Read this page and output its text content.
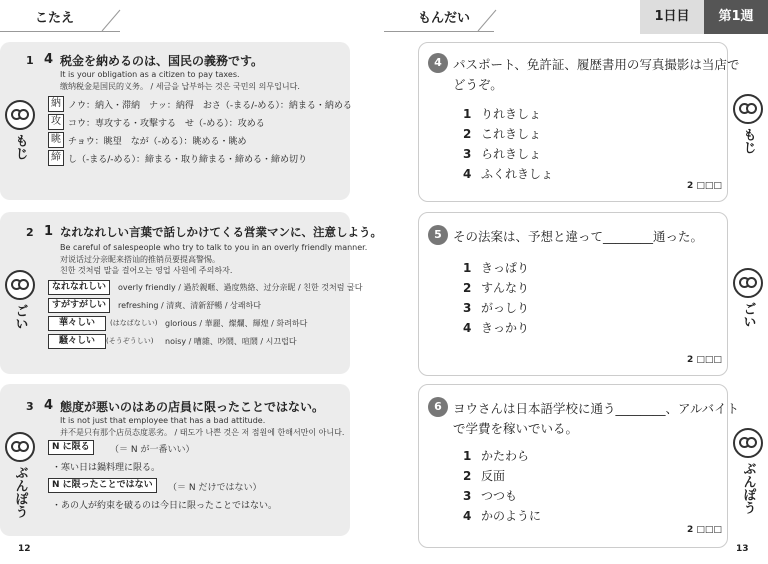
こたえ
1 4 税金を納めるのは、国民の義務です。
It is your obligation as a citizen to pay taxes.
缴纳税金是国民的义务。 / 세금을 납부하는 것은 국민의 의무입니다.
もじ
納 ノウ：納入・滞納　ナッ：納得　おさ（-まる/-める）：納まる・納める
攻 コウ：専攻する・攻撃する　せ（-める）：攻める
眺 チョウ：眺望　なが（-める）：眺める・眺め
締 し（-まる/-める）：締まる・取り締まる・締める・締め切り
2 1 なれなれしい言葉で話しかけてくる営業マンに、注意しよう。
Be careful of salespeople who try to talk to you in an overly friendly manner.
对说话过分亲昵来搭讪的推销员要提高警惕。
친한 것처럼 말을 걸어오는 영업 사원에 주의하자.
ごい
なれなれしい	overly friendly / 過於親暱、過度熟絡、过分亲昵 / 친한 것처럼 굴다
すがすがしい	refreshing / 清爽、清新舒暢 / 상쾌하다
華々しい	(はなばなしい) glorious / 華麗、燦爛、輝煌 / 화려하다
騒々しい	(そうぞうしい) noisy / 嘈雜、吵鬧、喧鬧 / 시끄럽다
3 4 態度が悪いのはあの店員に限ったことではない。
It is not just that employee that has a bad attitude.
并不是只有那个店员态度恶劣。 / 태도가 나쁜 것은 저 점원에 한해서만이 아니다.
ぶんぽう
N に限る	（＝ N が一番いい）
・寒い日は鍋料理に限る。
N に限ったことではない	（＝ N だけではない）
・あの人が約束を破るのは今日に限ったことではない。
12
もんだい	1日目	第1週
4 パスポート、免許証、履歴書用の写真撮影は当店で
どうぞ。
1 りれきしょ
2 これきしょ
3 られきしょ
4 ふくれきしょ
2 □□□
もじ
5 その法案は、予想と違って________通った。
1 きっぱり
2 すんなり
3 がっしり
4 きっかり
2 □□□
ごい
6 ヨウさんは日本語学校に通う________、アルバイト
で学費を稼いでいる。
1 かたわら
2 反面
3 つつも
4 かのように
2 □□□
ぶんぽう
13
